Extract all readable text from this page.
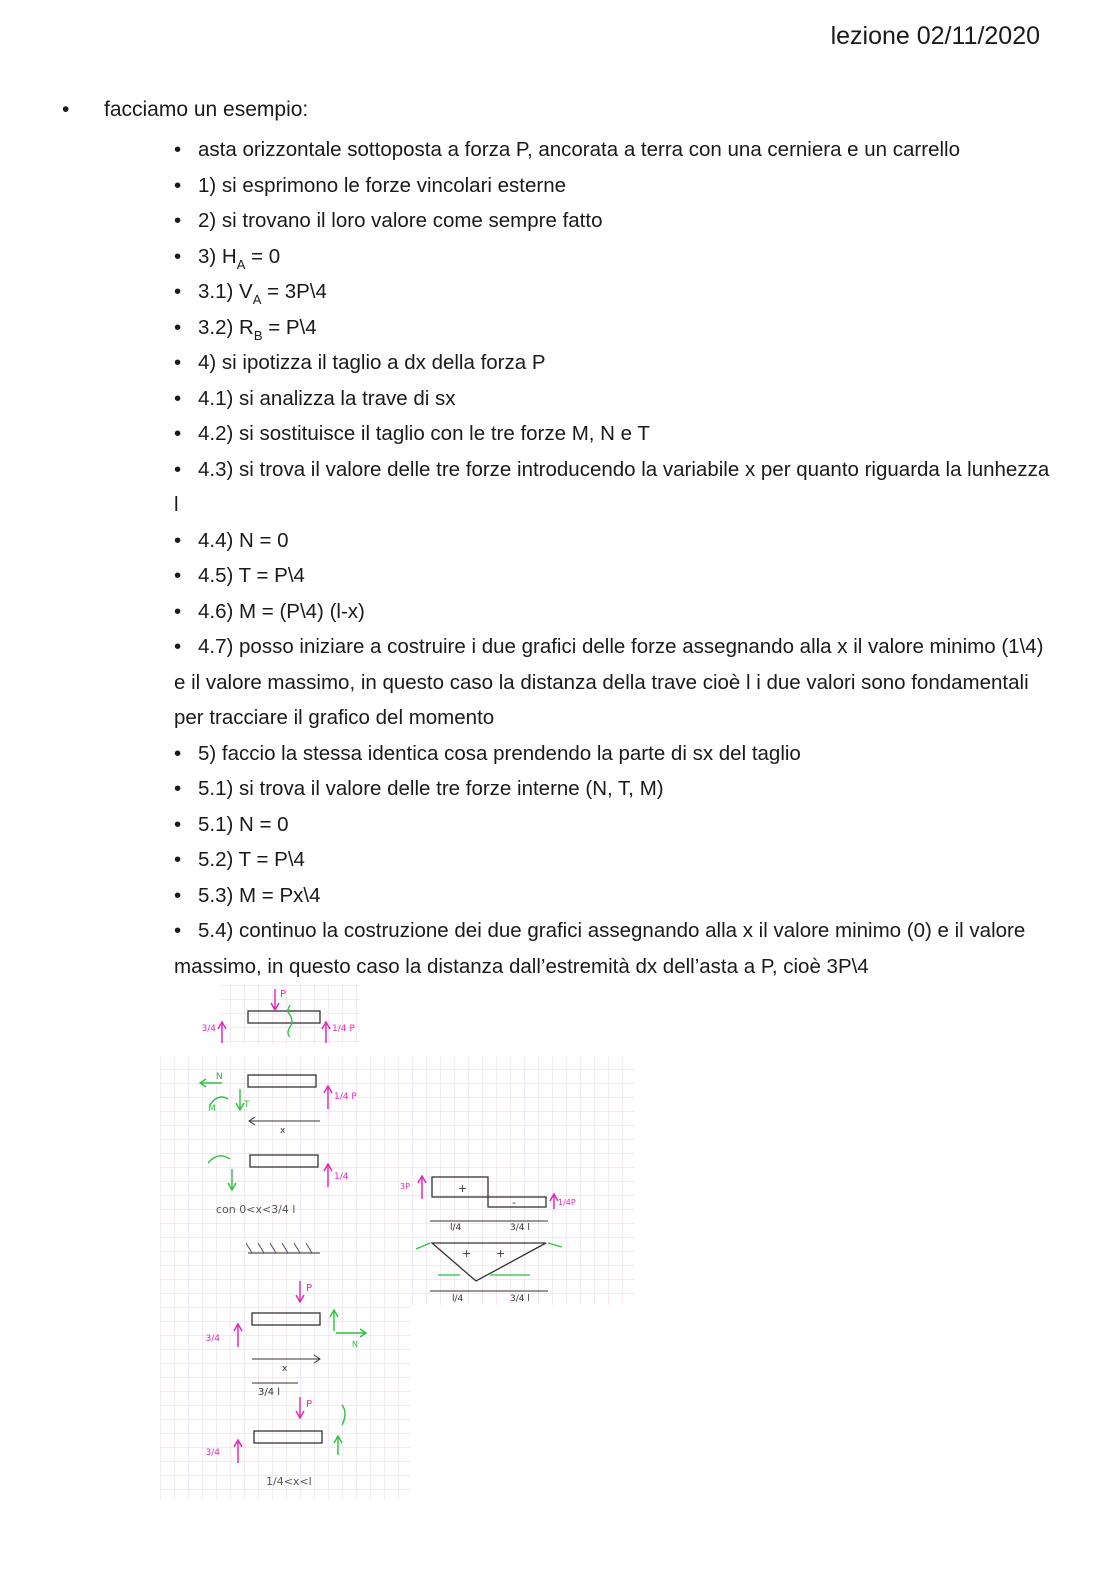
lezione 02/11/2020
• facciamo un esempio:
• asta orizzontale sottoposta a forza P, ancorata a terra con una cerniera e un carrello
• 1) si esprimono le forze vincolari esterne
• 2) si trovano il loro valore come sempre fatto
• 3) $H_A = 0$
• 3.1) $V_A$ = 3P\4
• 3.2) $R_B$ = P\4
• 4) si ipotizza il taglio a dx della forza P
• 4.1) si analizza la trave di sx
• 4.2) si sostituisce il taglio con le tre forze M, N e T
• 4.3) si trova il valore delle tre forze introducendo la variabile x per quanto riguarda la lunhezza l
• 4.4) N = 0
• 4.5) T = P\4
• 4.6) M = (P\4) (l-x)
• 4.7) posso iniziare a costruire i due grafici delle forze assegnando alla x il valore minimo (1\4) e il valore massimo, in questo caso la distanza della trave cioè l i due valori sono fondamentali per tracciare il grafico del momento
• 5) faccio la stessa identica cosa prendendo la parte di sx del taglio
• 5.1) si trova il valore delle tre forze interne (N, T, M)
• 5.1) N = 0
• 5.2) T = P\4
• 5.3) M = Px\4
• 5.4) continuo la costruzione dei due grafici assegnando alla x il valore minimo (0) e il valore massimo, in questo caso la distanza dall’estremità dx dell’asta a P, cioè 3P\4
P
3/4	1/4 P
N
M	T
1/4 P
x
1/4
con 0<x<3/4 l
+
-
3P
1/4P
l/4	3/4 l
+ +
l/4	3/4 l
P
3/4
N
x
3/4 l
P
3/4
1/4<x<l
